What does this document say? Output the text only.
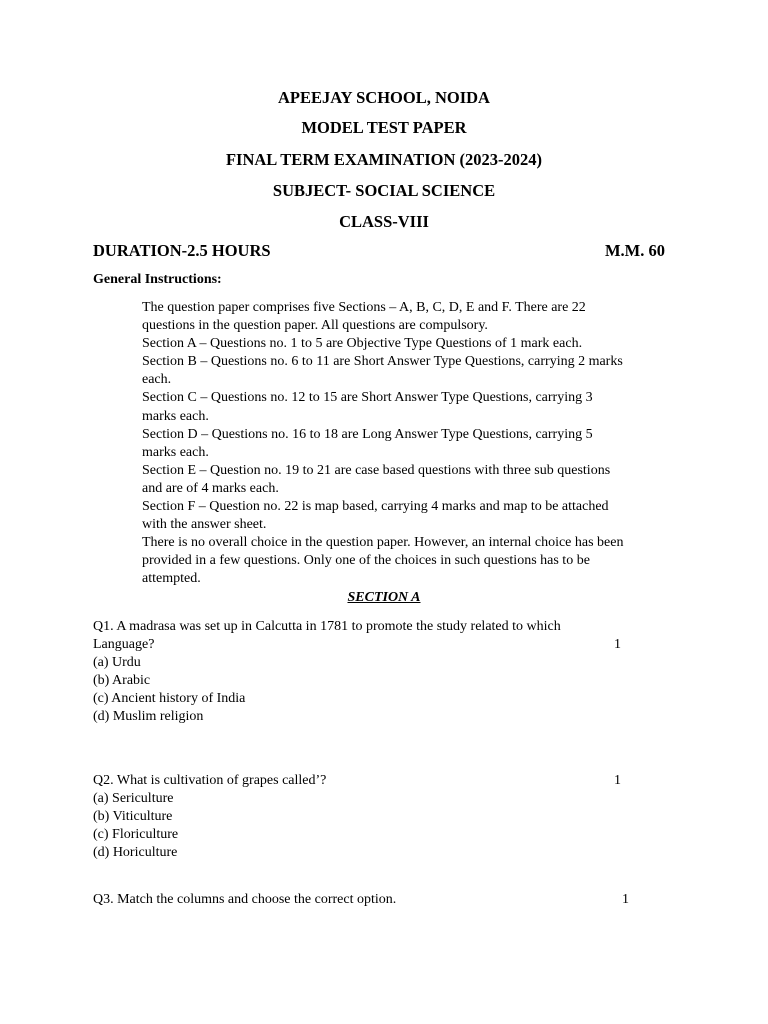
APEEJAY SCHOOL, NOIDA
MODEL TEST PAPER
FINAL TERM EXAMINATION (2023-2024)
SUBJECT- SOCIAL SCIENCE
CLASS-VIII
DURATION-2.5 HOURS	M.M. 60
General Instructions:
The question paper comprises five Sections – A, B, C, D, E and F. There are 22
questions in the question paper. All questions are compulsory.
Section A – Questions no. 1 to 5 are Objective Type Questions of 1 mark each.
Section B – Questions no. 6 to 11 are Short Answer Type Questions, carrying 2 marks
each.
Section C – Questions no. 12 to 15 are Short Answer Type Questions, carrying 3
marks each.
Section D – Questions no. 16 to 18 are Long Answer Type Questions, carrying 5
marks each.
Section E – Question no. 19 to 21 are case based questions with three sub questions
and are of 4 marks each.
Section F – Question no. 22 is map based, carrying 4 marks and map to be attached
with the answer sheet.
There is no overall choice in the question paper. However, an internal choice has been
provided in a few questions. Only one of the choices in such questions has to be
attempted.
SECTION A
Q1. A madrasa was set up in Calcutta in 1781 to promote the study related to which
Language?	1
(a) Urdu
(b) Arabic
(c) Ancient history of India
(d) Muslim religion
Q2. What is cultivation of grapes called’?	1
(a) Sericulture
(b) Viticulture
(c) Floriculture
(d) Horiculture
Q3. Match the columns and choose the correct option.	1
